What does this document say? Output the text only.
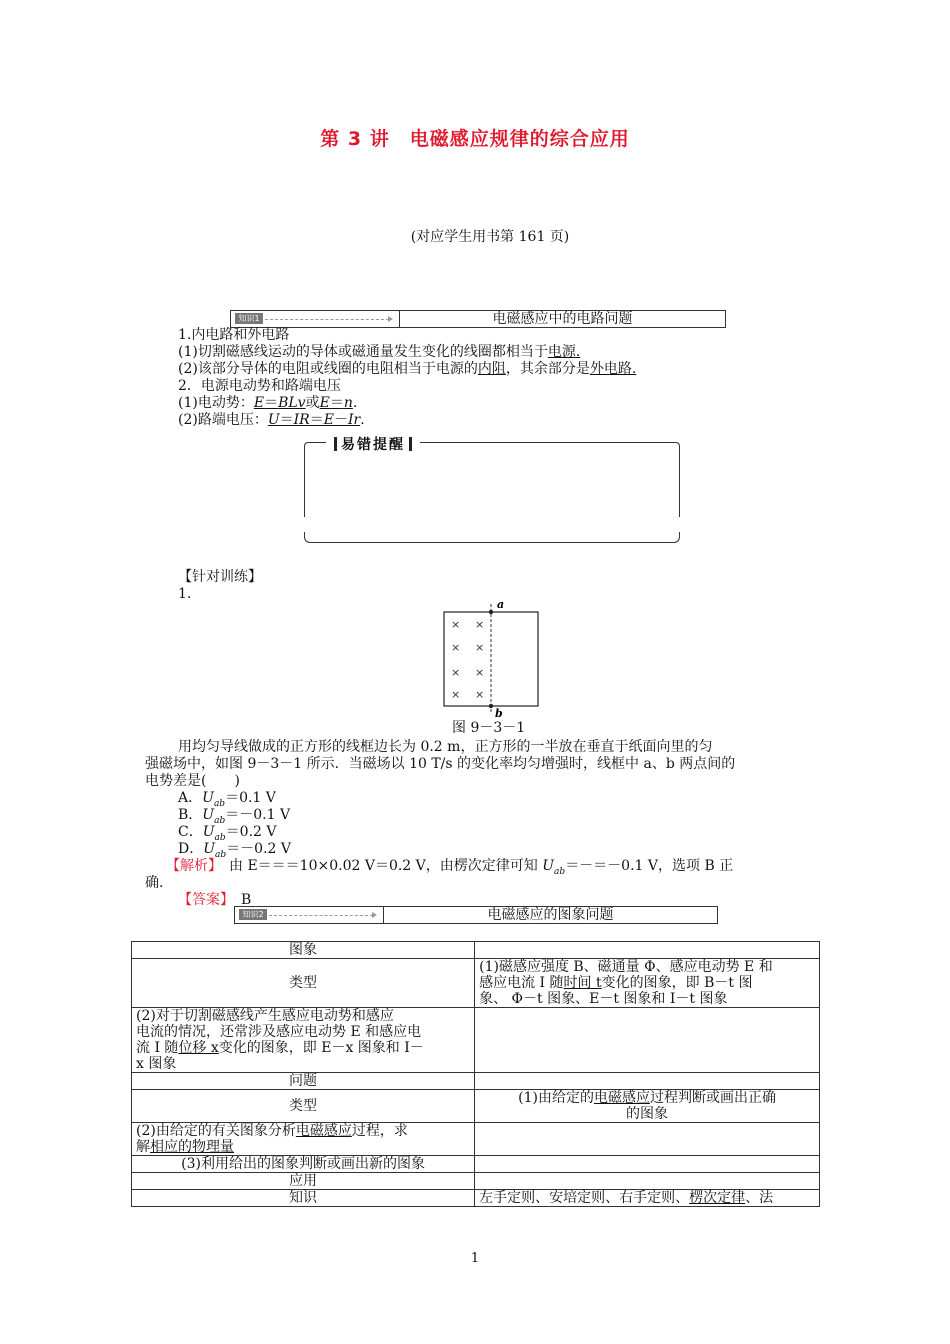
第 3 讲　电磁感应规律的综合应用
(对应学生用书第 161 页)
知识1	电磁感应中的电路问题
1.内电路和外电路
(1)切割磁感线运动的导体或磁通量发生变化的线圈都相当于电源.
(2)该部分导体的电阻或线圈的电阻相当于电源的内阻，其余部分是外电路.
2．电源电动势和路端电压
(1)电动势：E＝BLv或E＝n.
(2)路端电压：U＝IR＝E－Ir.
易错提醒
【针对训练】
1.
a
b
× ×
× ×
× ×
× ×
图 9－3－1
用均匀导线做成的正方形的线框边长为 0.2 m，正方形的一半放在垂直于纸面向里的匀
强磁场中，如图 9－3－1 所示．当磁场以 10 T/s 的变化率均匀增强时，线框中 a、b 两点间的
电势差是(　　)
A．$U_{ab}=0.1$ V
B．$U_{ab}=-0.1$ V
C．$U_{ab}=0.2$ V
D．$U_{ab}=-0.2$ V
【解析】　由 E＝＝＝10×0.02 V＝0.2 V，由楞次定律可知 $U_{ab}=-=-0.1$ V，选项 B 正
确.
【答案】　B
知识2	电磁感应的图象问题
图象	
类型	(1)磁感应强度 B、磁通量 Φ、感应电动势 E 和
感应电流 I 随时间 t变化的图象，即 B－t 图
象、 Φ－t 图象、E－t 图象和 I－t 图象

(2)对于切割磁感线产生感应电动势和感应
电流的情况，还常涉及感应电动势 E 和感应电
流 I 随位移 x变化的图象，即 E－x 图象和 I－
x 图象	

问题	
类型	(1)由给定的电磁感应过程判断或画出正确
的图象

(2)由给定的有关图象分析电磁感应过程，求
解相应的物理量	

(3)利用给出的图象判断或画出新的图象	
应用	
知识	左手定则、安培定则、右手定则、楞次定律、法
1
